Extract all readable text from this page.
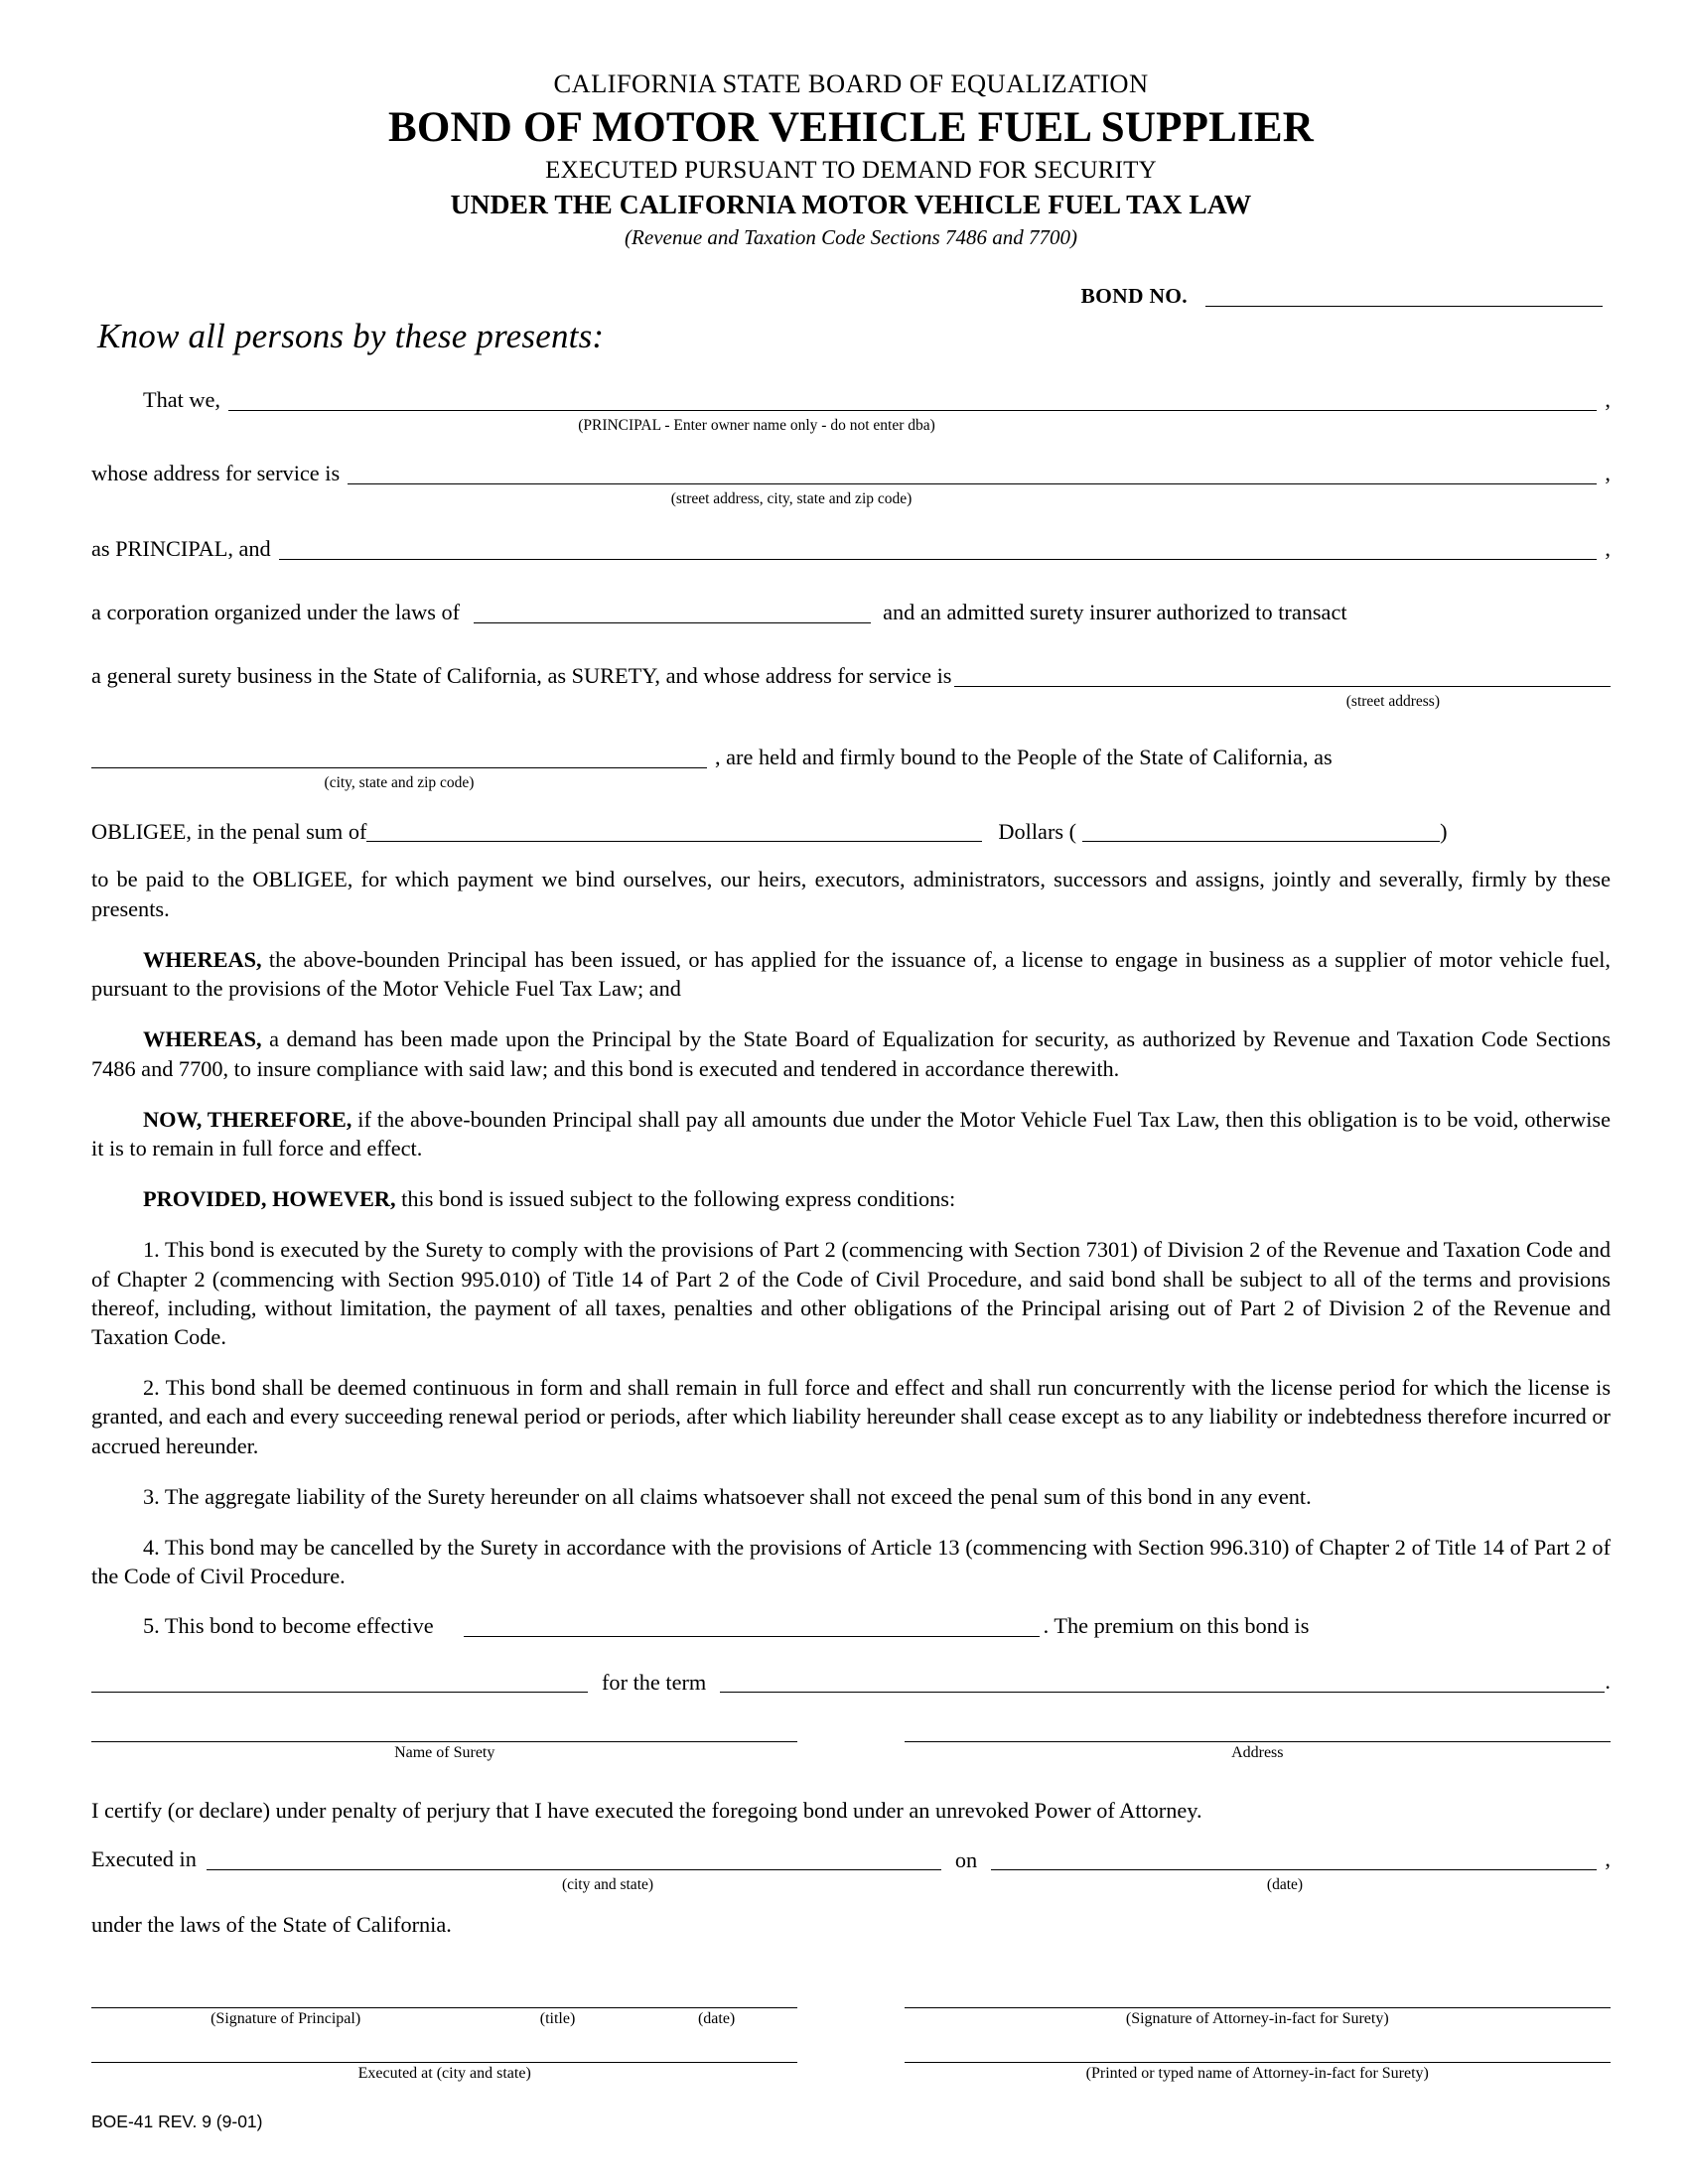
CALIFORNIA STATE BOARD OF EQUALIZATION
BOND OF MOTOR VEHICLE FUEL SUPPLIER
EXECUTED PURSUANT TO DEMAND FOR SECURITY
UNDER THE CALIFORNIA MOTOR VEHICLE FUEL TAX LAW
(Revenue and Taxation Code Sections 7486 and 7700)
BOND NO.
Know all persons by these presents:
That we,	,
(PRINCIPAL - Enter owner name only - do not enter dba)
whose address for service is	,
(street address, city, state and zip code)
as PRINCIPAL, and	,
a corporation organized under the laws of	and an admitted surety insurer authorized to transact
a general surety business in the State of California, as SURETY, and whose address for service is
(street address)
, are held and firmly bound to the People of the State of California, as
(city, state and zip code)
OBLIGEE, in the penal sum of	Dollars (	)
to be paid to the OBLIGEE, for which payment we bind ourselves, our heirs, executors, administrators, successors and assigns, jointly and severally, firmly by these presents.
WHEREAS, the above-bounden Principal has been issued, or has applied for the issuance of, a license to engage in business as a supplier of motor vehicle fuel, pursuant to the provisions of the Motor Vehicle Fuel Tax Law; and
WHEREAS, a demand has been made upon the Principal by the State Board of Equalization for security, as authorized by Revenue and Taxation Code Sections 7486 and 7700, to insure compliance with said law; and this bond is executed and tendered in accordance therewith.
NOW, THEREFORE, if the above-bounden Principal shall pay all amounts due under the Motor Vehicle Fuel Tax Law, then this obligation is to be void, otherwise it is to remain in full force and effect.
PROVIDED, HOWEVER, this bond is issued subject to the following express conditions:
1. This bond is executed by the Surety to comply with the provisions of Part 2 (commencing with Section 7301) of Division 2 of the Revenue and Taxation Code and of Chapter 2 (commencing with Section 995.010) of Title 14 of Part 2 of the Code of Civil Procedure, and said bond shall be subject to all of the terms and provisions thereof, including, without limitation, the payment of all taxes, penalties and other obligations of the Principal arising out of Part 2 of Division 2 of the Revenue and Taxation Code.
2. This bond shall be deemed continuous in form and shall remain in full force and effect and shall run concurrently with the license period for which the license is granted, and each and every succeeding renewal period or periods, after which liability hereunder shall cease except as to any liability or indebtedness therefore incurred or accrued hereunder.
3. The aggregate liability of the Surety hereunder on all claims whatsoever shall not exceed the penal sum of this bond in any event.
4. This bond may be cancelled by the Surety in accordance with the provisions of Article 13 (commencing with Section 996.310) of Chapter 2 of Title 14 of Part 2 of the Code of Civil Procedure.
5. This bond to become effective	. The premium on this bond is
for the term	.
Name of Surety	Address
I certify (or declare) under penalty of perjury that I have executed the foregoing bond under an unrevoked Power of Attorney.
Executed in	on	,
(city and state)	(date)
under the laws of the State of California.
(Signature of Principal)	(title)	(date)	(Signature of Attorney-in-fact for Surety)
Executed at (city and state)	(Printed or typed name of Attorney-in-fact for Surety)
BOE-41 REV. 9 (9-01)
